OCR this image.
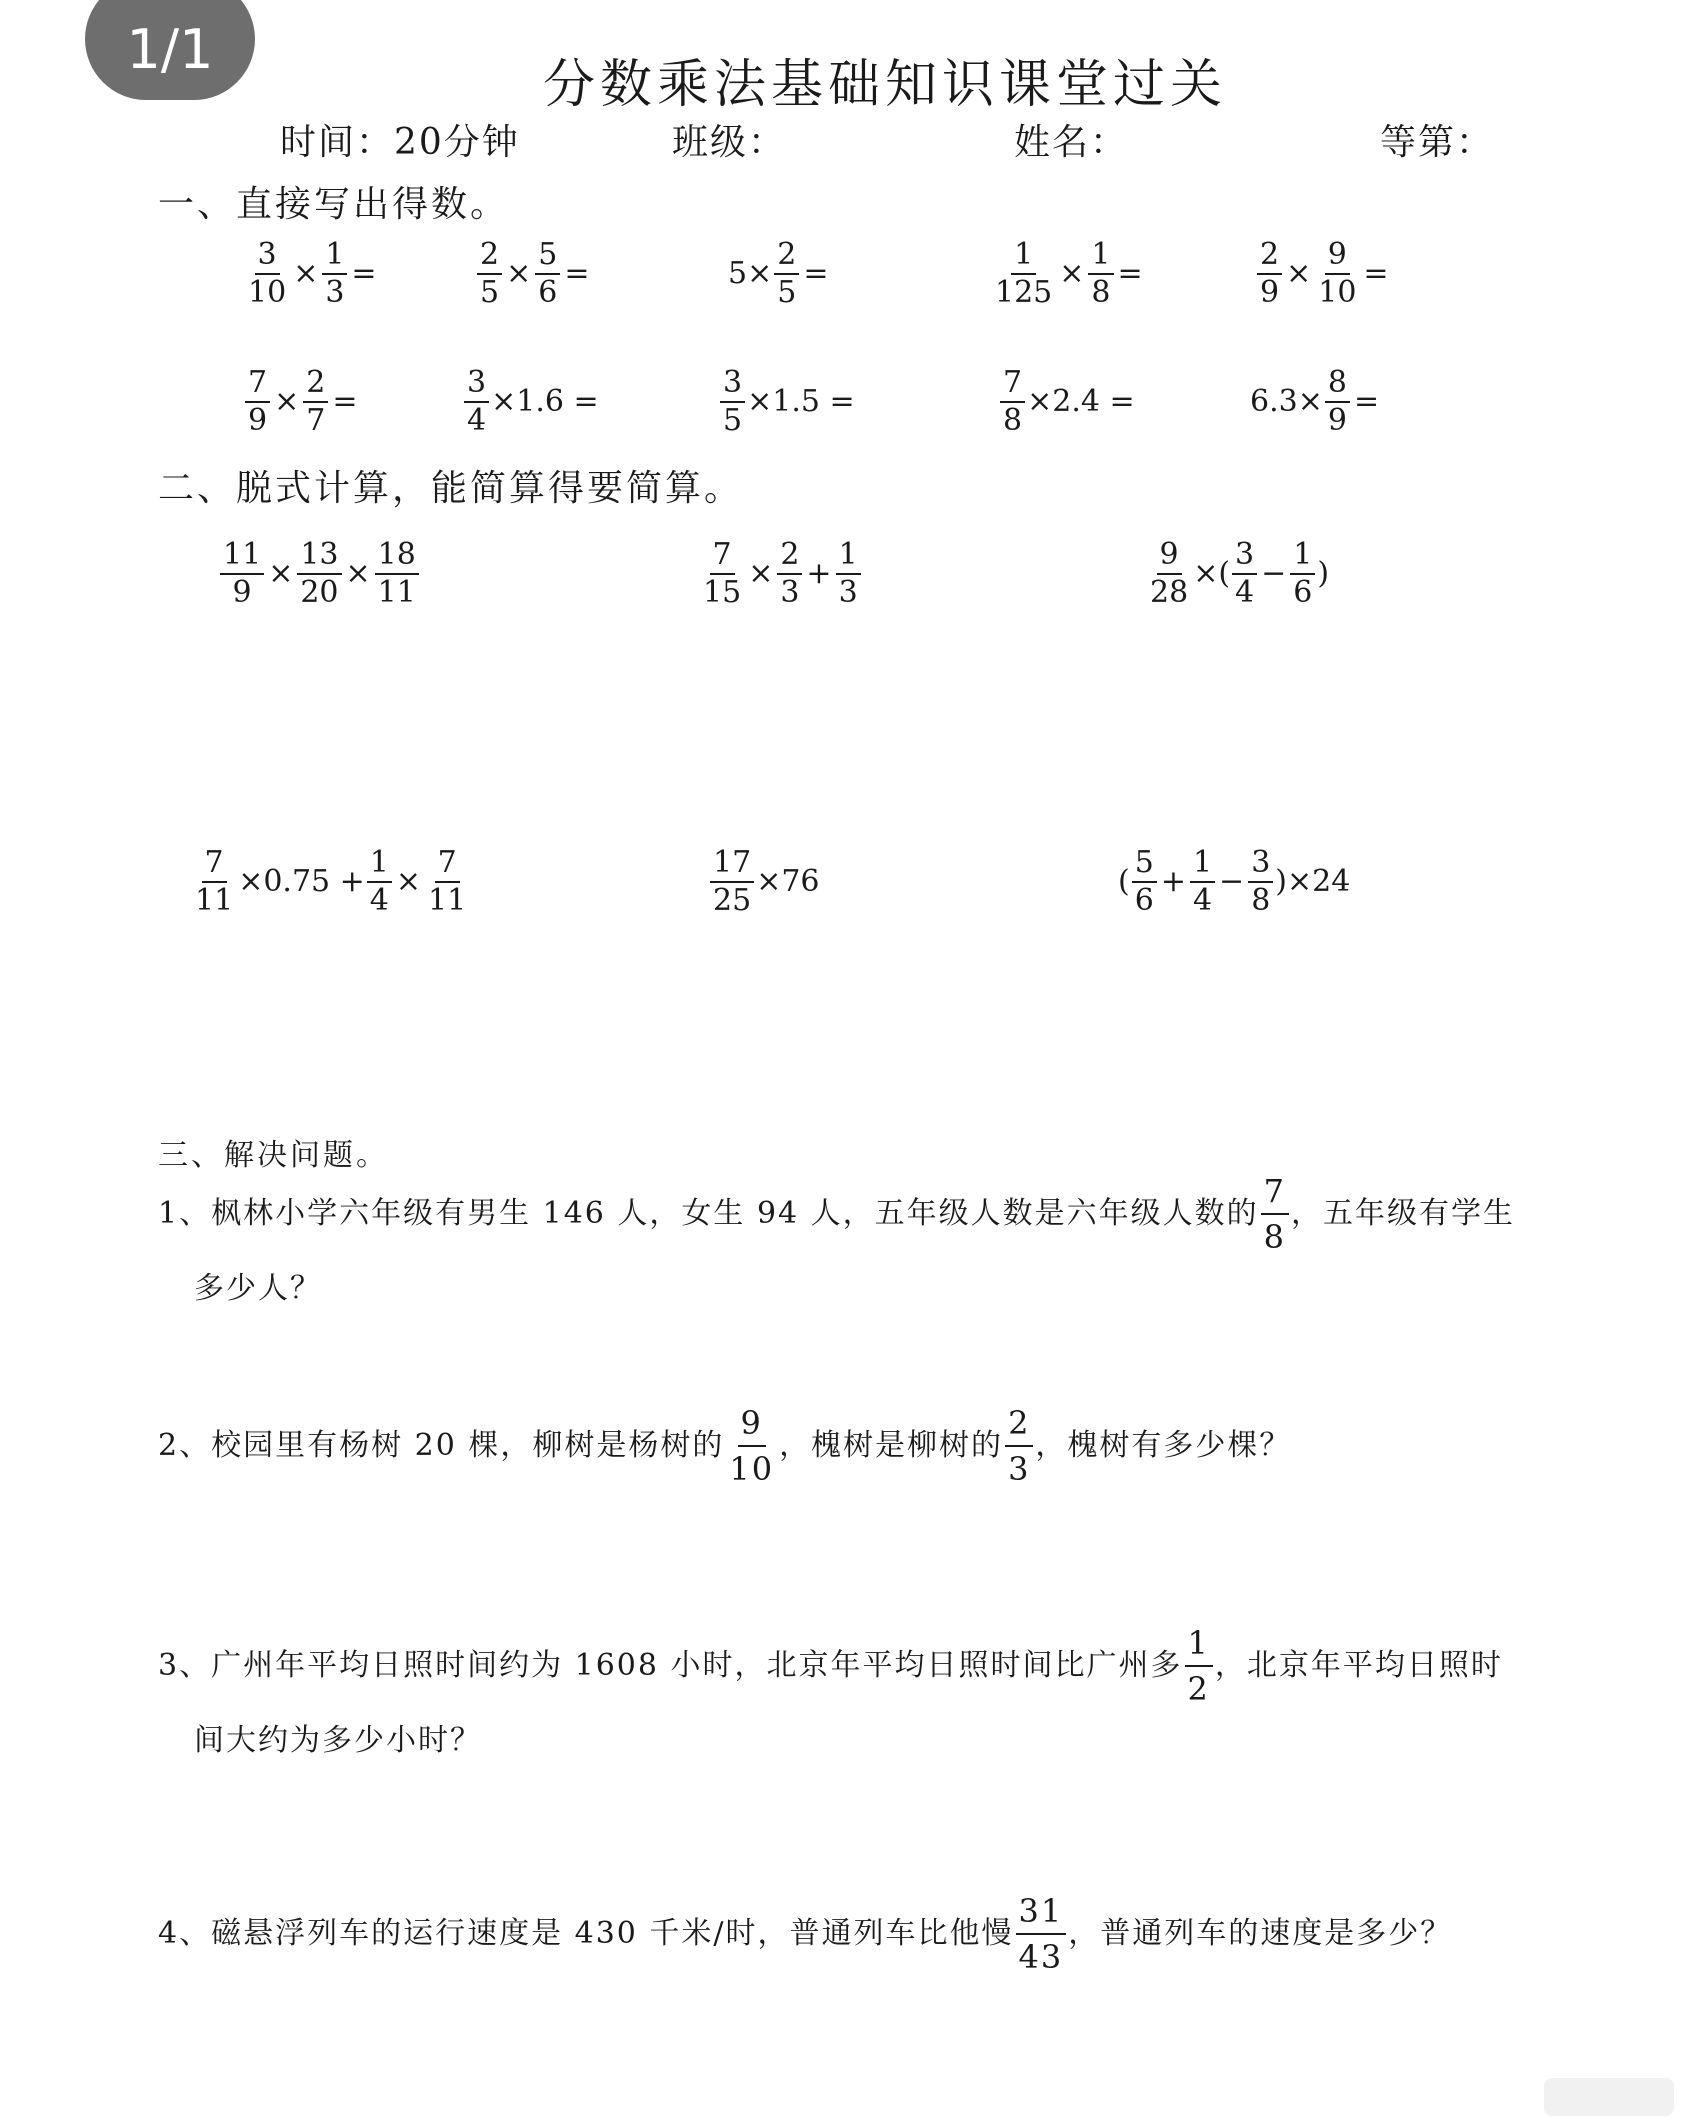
1/1
分数乘法基础知识课堂过关
时间：20分钟	班级：	姓名：	等第：
一、直接写出得数。
$\frac{3}{10} \times \frac{1}{3}$ =	$\frac{2}{5} \times \frac{5}{6}$ =	$5\times \frac{2}{5}$ =	$\frac{1}{125} \times \frac{1}{8}$ =	$\frac{2}{9} \times \frac{9}{10}$ =
$\frac{7}{9} \times \frac{2}{7}$ =	$\frac{3}{4} \times 1.6$ =	$\frac{3}{5} \times 1.5$ =	$\frac{7}{8} \times 2.4$ =	$6.3\times \frac{8}{9}$ =
二、脱式计算，能简算得要简算。
$\frac{11}{9} \times \frac{13}{20} \times \frac{18}{11}$	$\frac{7}{15} \times \frac{2}{3} + \frac{1}{3}$	$\frac{9}{28}$ ×( $\frac{3}{4} - \frac{1}{6}$ )
$\frac{7}{11} \times 0.75 + \frac{1}{4} \times \frac{7}{11}$	$\frac{17}{25} \times 76$	( $\frac{5}{6} + \frac{1}{4} - \frac{3}{8} )\times 24$
三、解决问题。
1、枫林小学六年级有男生 146 人，女生 94 人，五年级人数是六年级人数的 $\frac{7}{8}$ ，五年级有学生
多少人？
2、校园里有杨树 20 棵，柳树是杨树的 $\frac{9}{10}$ ，槐树是柳树的 $\frac{2}{3}$ ，槐树有多少棵？
3、广州年平均日照时间约为 1608 小时，北京年平均日照时间比广州多 $\frac{1}{2}$ ，北京年平均日照时
间大约为多少小时？
4、磁悬浮列车的运行速度是 430 千米/时，普通列车比他慢 $\frac{31}{43}$ ，普通列车的速度是多少？
